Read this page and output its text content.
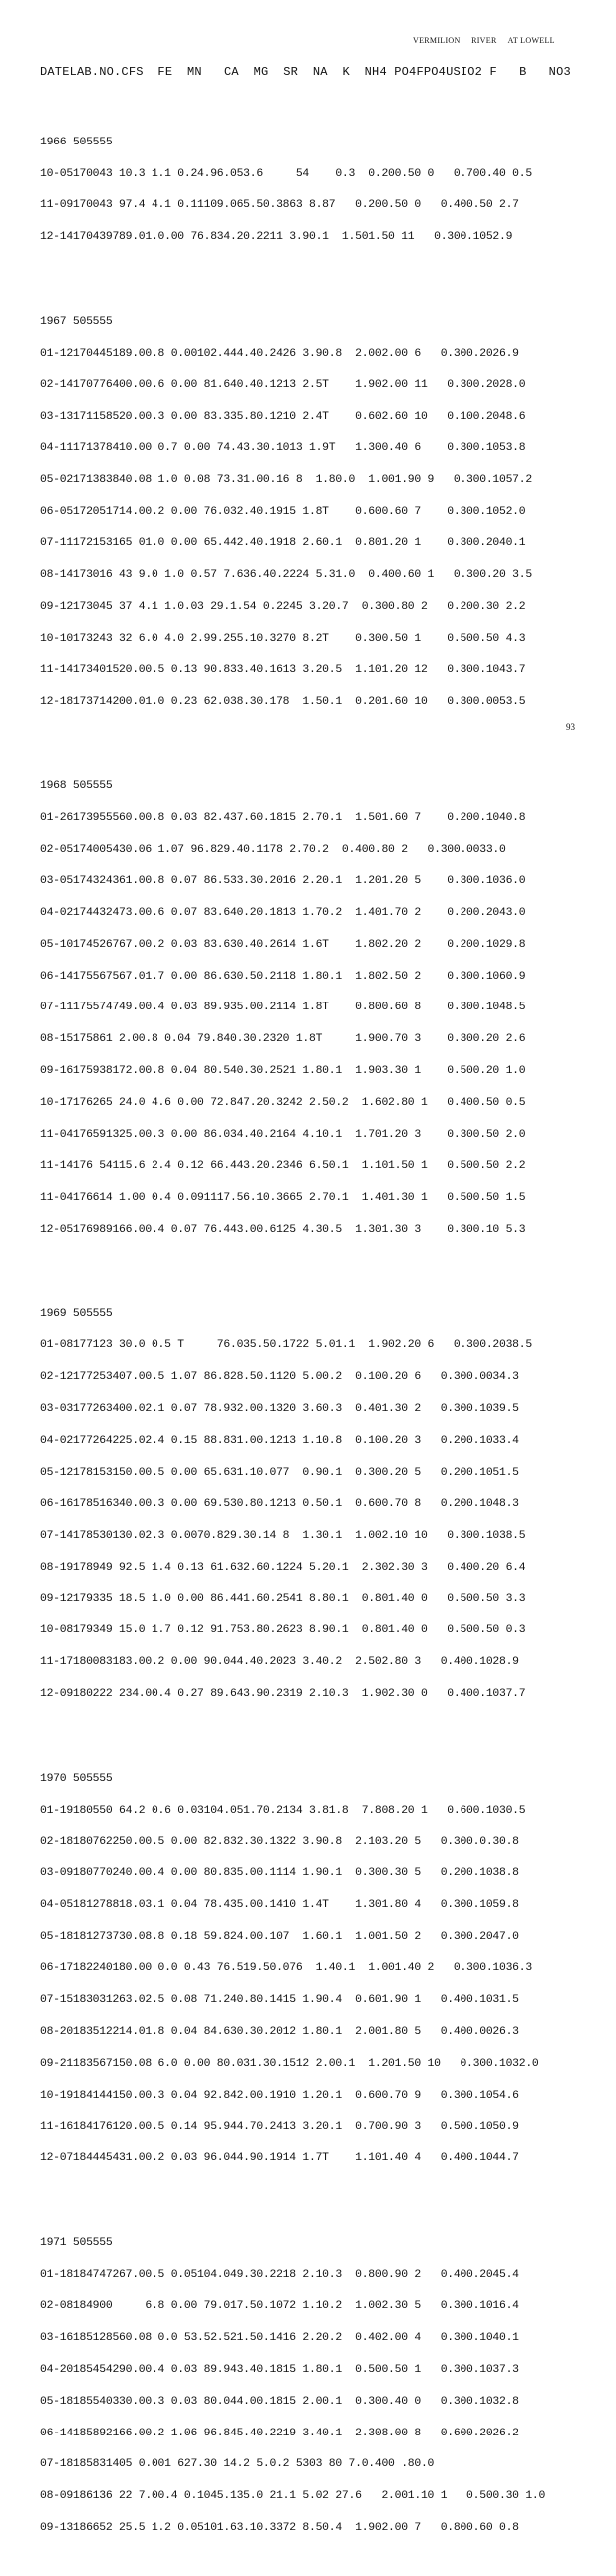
VERMILION     RIVER     AT LOWELL

DATELAB.NO.CFS  FE  MN   CA  MG  SR  NA  K  NH4 PO4FPO4USIO2 F   B   NO3

1966 505555

10-05170043 10.3 1.1 0.24.96.053.6     54    0.3  0.200.50 0   0.700.40 0.5

11-09170043 97.4 4.1 0.11109.065.50.3863 8.87   0.200.50 0   0.400.50 2.7

12-14170439789.01.0.00 76.834.20.2211 3.90.1  1.501.50 11   0.300.1052.9

1967 505555

01-12170445189.00.8 0.00102.444.40.2426 3.90.8  2.002.00 6   0.300.2026.9

02-14170776400.00.6 0.00 81.640.40.1213 2.5T    1.902.00 11   0.300.2028.0

03-13171158520.00.3 0.00 83.335.80.1210 2.4T    0.602.60 10   0.100.2048.6

04-11171378410.00 0.7 0.00 74.43.30.1013 1.9T   1.300.40 6    0.300.1053.8

05-02171383840.08 1.0 0.08 73.31.00.16 8  1.80.0  1.001.90 9   0.300.1057.2

06-05172051714.00.2 0.00 76.032.40.1915 1.8T    0.600.60 7    0.300.1052.0

07-11172153165 01.0 0.00 65.442.40.1918 2.60.1  0.801.20 1    0.300.2040.1

08-14173016 43 9.0 1.0 0.57 7.636.40.2224 5.31.0  0.400.60 1   0.300.20 3.5

09-12173045 37 4.1 1.0.03 29.1.54 0.2245 3.20.7  0.300.80 2   0.200.30 2.2

10-10173243 32 6.0 4.0 2.99.255.10.3270 8.2T    0.300.50 1    0.500.50 4.3

11-14173401520.00.5 0.13 90.833.40.1613 3.20.5  1.101.20 12   0.300.1043.7

12-18173714200.01.0 0.23 62.038.30.178  1.50.1  0.201.60 10   0.300.0053.5

1968 505555

01-26173955560.00.8 0.03 82.437.60.1815 2.70.1  1.501.60 7    0.200.1040.8

02-05174005430.06 1.07 96.829.40.1178 2.70.2  0.400.80 2   0.300.0033.0

03-05174324361.00.8 0.07 86.533.30.2016 2.20.1  1.201.20 5    0.300.1036.0

04-02174432473.00.6 0.07 83.640.20.1813 1.70.2  1.401.70 2    0.200.2043.0

05-10174526767.00.2 0.03 83.630.40.2614 1.6T    1.802.20 2    0.200.1029.8

06-14175567567.01.7 0.00 86.630.50.2118 1.80.1  1.802.50 2    0.300.1060.9

07-11175574749.00.4 0.03 89.935.00.2114 1.8T    0.800.60 8    0.300.1048.5

08-15175861 2.00.8 0.04 79.840.30.2320 1.8T     1.900.70 3    0.300.20 2.6

09-16175938172.00.8 0.04 80.540.30.2521 1.80.1  1.903.30 1    0.500.20 1.0

10-17176265 24.0 4.6 0.00 72.847.20.3242 2.50.2  1.602.80 1   0.400.50 0.5

11-04176591325.00.3 0.00 86.034.40.2164 4.10.1  1.701.20 3    0.300.50 2.0

11-14176 54115.6 2.4 0.12 66.443.20.2346 6.50.1  1.101.50 1   0.500.50 2.2

11-04176614 1.00 0.4 0.091117.56.10.3665 2.70.1  1.401.30 1   0.500.50 1.5

12-05176989166.00.4 0.07 76.443.00.6125 4.30.5  1.301.30 3    0.300.10 5.3

1969 505555

01-08177123 30.0 0.5 T     76.035.50.1722 5.01.1  1.902.20 6   0.300.2038.5

02-12177253407.00.5 1.07 86.828.50.1120 5.00.2  0.100.20 6   0.300.0034.3

03-03177263400.02.1 0.07 78.932.00.1320 3.60.3  0.401.30 2   0.300.1039.5

04-02177264225.02.4 0.15 88.831.00.1213 1.10.8  0.100.20 3   0.200.1033.4

05-12178153150.00.5 0.00 65.631.10.077  0.90.1  0.300.20 5   0.200.1051.5

06-16178516340.00.3 0.00 69.530.80.1213 0.50.1  0.600.70 8   0.200.1048.3

07-14178530130.02.3 0.0070.829.30.14 8  1.30.1  1.002.10 10   0.300.1038.5

08-19178949 92.5 1.4 0.13 61.632.60.1224 5.20.1  2.302.30 3   0.400.20 6.4

09-12179335 18.5 1.0 0.00 86.441.60.2541 8.80.1  0.801.40 0   0.500.50 3.3

10-08179349 15.0 1.7 0.12 91.753.80.2623 8.90.1  0.801.40 0   0.500.50 0.3

11-17180083183.00.2 0.00 90.044.40.2023 3.40.2  2.502.80 3   0.400.1028.9

12-09180222 234.00.4 0.27 89.643.90.2319 2.10.3  1.902.30 0   0.400.1037.7

1970 505555

01-19180550 64.2 0.6 0.03104.051.70.2134 3.81.8  7.808.20 1   0.600.1030.5

02-18180762250.00.5 0.00 82.832.30.1322 3.90.8  2.103.20 5   0.300.0.30.8

03-09180770240.00.4 0.00 80.835.00.1114 1.90.1  0.300.30 5   0.200.1038.8

04-05181278818.03.1 0.04 78.435.00.1410 1.4T    1.301.80 4   0.300.1059.8

05-18181273730.08.8 0.18 59.824.00.107  1.60.1  1.001.50 2   0.300.2047.0

06-17182240180.00 0.0 0.43 76.519.50.076  1.40.1  1.001.40 2   0.300.1036.3

07-15183031263.02.5 0.08 71.240.80.1415 1.90.4  0.601.90 1   0.400.1031.5

08-20183512214.01.8 0.04 84.630.30.2012 1.80.1  2.001.80 5   0.400.0026.3

09-21183567150.08 6.0 0.00 80.031.30.1512 2.00.1  1.201.50 10   0.300.1032.0

10-19184144150.00.3 0.04 92.842.00.1910 1.20.1  0.600.70 9   0.300.1054.6

11-16184176120.00.5 0.14 95.944.70.2413 3.20.1  0.700.90 3   0.500.1050.9

12-07184445431.00.2 0.03 96.044.90.1914 1.7T    1.101.40 4   0.400.1044.7

1971 505555

01-18184747267.00.5 0.05104.049.30.2218 2.10.3  0.800.90 2   0.400.2045.4

02-08184900     6.8 0.00 79.017.50.1072 1.10.2  1.002.30 5   0.300.1016.4

03-16185128560.08 0.0 53.52.521.50.1416 2.20.2  0.402.00 4   0.300.1040.1

04-20185454290.00.4 0.03 89.943.40.1815 1.80.1  0.500.50 1   0.300.1037.3

05-18185540330.00.3 0.03 80.044.00.1815 2.00.1  0.300.40 0   0.300.1032.8

06-14185892166.00.2 1.06 96.845.40.2219 3.40.1  2.308.00 8   0.600.2026.2

07-18185831405 0.001 627.30 14.2 5.0.2 5303 80 7.0.400 .80.0

08-09186136 22 7.00.4 0.1045.135.0 21.1 5.02 27.6   2.001.10 1   0.500.30 1.0

09-13186652 25.5 1.2 0.05101.63.10.3372 8.50.4  1.902.00 7   0.800.60 0.8

93
